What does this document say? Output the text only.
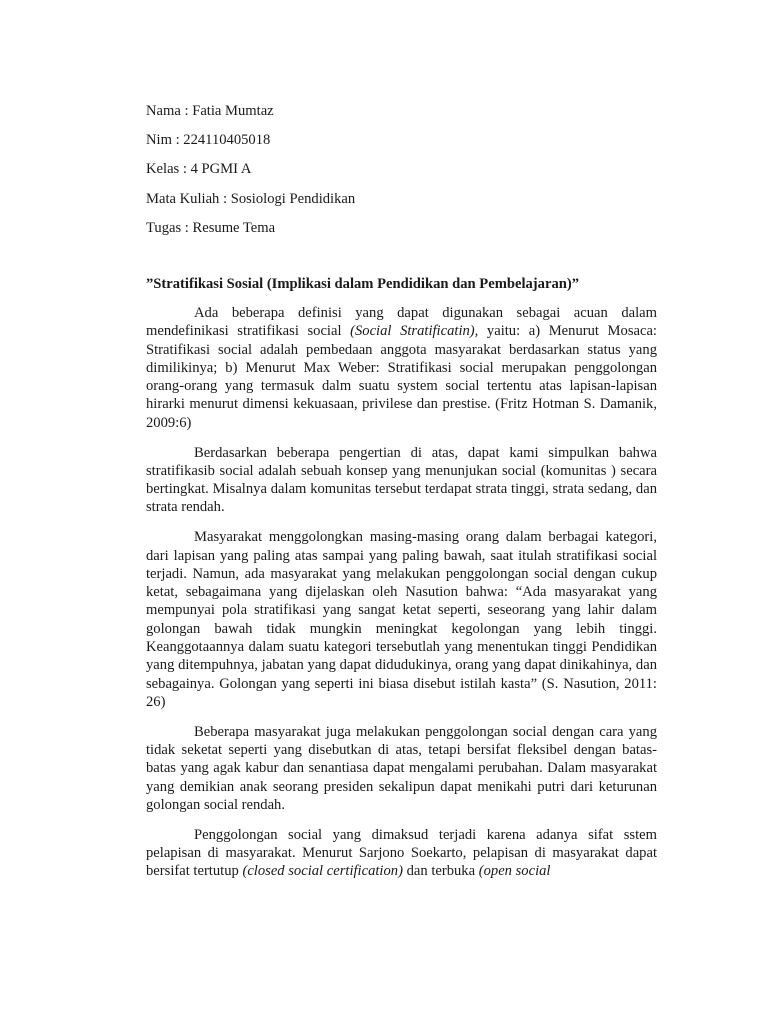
Nama : Fatia Mumtaz
Nim : 224110405018
Kelas : 4 PGMI A
Mata Kuliah : Sosiologi Pendidikan
Tugas : Resume Tema
”Stratifikasi Sosial (Implikasi dalam Pendidikan dan Pembelajaran)”

Ada beberapa definisi yang dapat digunakan sebagai acuan dalam mendefinikasi stratifikasi social (Social Stratificatin), yaitu: a) Menurut Mosaca: Stratifikasi social adalah pembedaan anggota masyarakat berdasarkan status yang dimilikinya; b) Menurut Max Weber: Stratifikasi social merupakan penggolongan orang-orang yang termasuk dalm suatu system social tertentu atas lapisan-lapisan hirarki menurut dimensi kekuasaan, privilese dan prestise. (Fritz Hotman S. Damanik, 2009:6)

Berdasarkan beberapa pengertian di atas, dapat kami simpulkan bahwa stratifikasib social adalah sebuah konsep yang menunjukan social (komunitas ) secara bertingkat. Misalnya dalam komunitas tersebut terdapat strata tinggi, strata sedang, dan strata rendah.

Masyarakat menggolongkan masing-masing orang dalam berbagai kategori, dari lapisan yang paling atas sampai yang paling bawah, saat itulah stratifikasi social terjadi. Namun, ada masyarakat yang melakukan penggolongan social dengan cukup ketat, sebagaimana yang dijelaskan oleh Nasution bahwa: “Ada masyarakat yang mempunyai pola stratifikasi yang sangat ketat seperti, seseorang yang lahir dalam golongan bawah tidak mungkin meningkat kegolongan yang lebih tinggi. Keanggotaannya dalam suatu kategori tersebutlah yang menentukan tinggi Pendidikan yang ditempuhnya, jabatan yang dapat didudukinya, orang yang dapat dinikahinya, dan sebagainya. Golongan yang seperti ini biasa disebut istilah kasta” (S. Nasution, 2011: 26)

Beberapa masyarakat juga melakukan penggolongan social dengan cara yang tidak seketat seperti yang disebutkan di atas, tetapi bersifat fleksibel dengan batas-batas yang agak kabur dan senantiasa dapat mengalami perubahan. Dalam masyarakat yang demikian anak seorang presiden sekalipun dapat menikahi putri dari keturunan golongan social rendah.

Penggolongan social yang dimaksud terjadi karena adanya sifat sstem pelapisan di masyarakat. Menurut Sarjono Soekarto, pelapisan di masyarakat dapat bersifat tertutup (closed social certification) dan terbuka (open social
